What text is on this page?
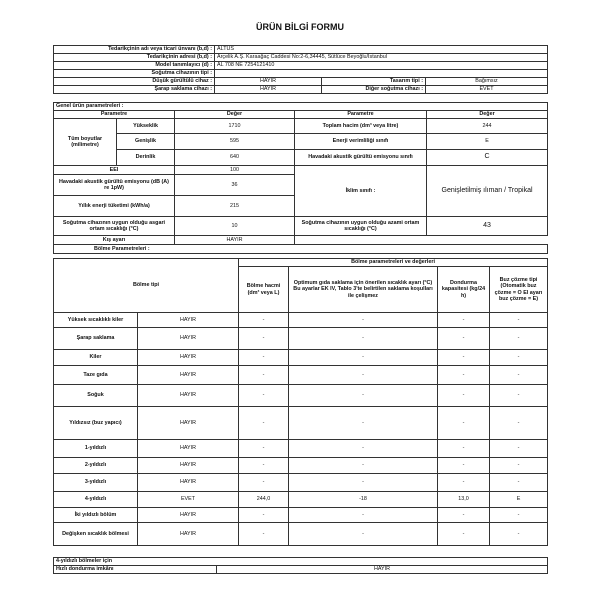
ÜRÜN BİLGİ FORMU
Tedarikçinin adı veya ticari ünvanı (b,d) :	ALTUS		
Tedarikçinin adresi (b,d) :	Arçelik A.Ş. Karaağaç Caddesi No:2-6,34445, Sütlüce Beyoğlu/İstanbul		
Model tanımlayıcı (d) :	AL 708 NE 7254121410		
Soğutma cihazının tipi :			
Düşük gürültülü cihaz :	HAYIR	Tasarım tipi :	Bağımsız
Şarap saklama cihazı :	HAYIR	Diğer soğutma cihazı :	EVET
Genel ürün parametreleri :				
Parametre		Değer	Parametre	Değer
Tüm boyutlar (milimetre)	Yükseklik	1710	Toplam hacim (dm³ veya litre)	244
	Genişlik	595	Enerji verimliliği sınıfı	E
	Derinlik	640	Havadaki akustik gürültü emisyonu sınıfı	C
EEI		100	İklim sınıfı :	Genişletilmiş ılıman / Tropikal
Havadaki akustik gürültü emisyonu (dB (A) re 1pW)		36		
Yıllık enerji tüketimi (kWh/a)		215		
Soğutma cihazının uygun olduğu asgari ortam sıcaklığı (°C)		10	Soğutma cihazının uygun olduğu azami ortam sıcaklığı (°C)	43
Kış ayarı		HAYIR		
Bölme Parametreleri :				
Bölme tipi		Bölme parametreleri ve değerleri			
		Bölme hacmi (dm³ veya L)	Optimum gıda saklama için önerilen sıcaklık ayarı (°C) Bu ayarlar EK IV, Tablo 3'te belirtilen saklama koşulları ile çelişmez	Dondurma kapasitesi (kg/24 h)	Buz çözme tipi (Otomatik buz çözme = O El ayarı buz çözme = E)
Yüksek sıcaklıklı kiler	HAYIR	-	-	-	-
Şarap saklama	HAYIR	-	-	-	-
Kiler	HAYIR	-	-	-	-
Taze gıda	HAYIR	-	-	-	-
Soğuk	HAYIR	-	-	-	-
Yıldızsız (buz yapıcı)	HAYIR	-	-	-	-
1-yıldızlı	HAYIR	-	-	-	-
2-yıldızlı	HAYIR	-	-	-	-
3-yıldızlı	HAYIR	-	-	-	-
4-yıldızlı	EVET	244,0	-18	13,0	E
İki yıldızlı bölüm	HAYIR	-	-	-	-
Değişken sıcaklık bölmesi	HAYIR	-	-	-	-
4-yıldızlı bölmeler için
Hızlı dondurma imkânı	HAYIR
